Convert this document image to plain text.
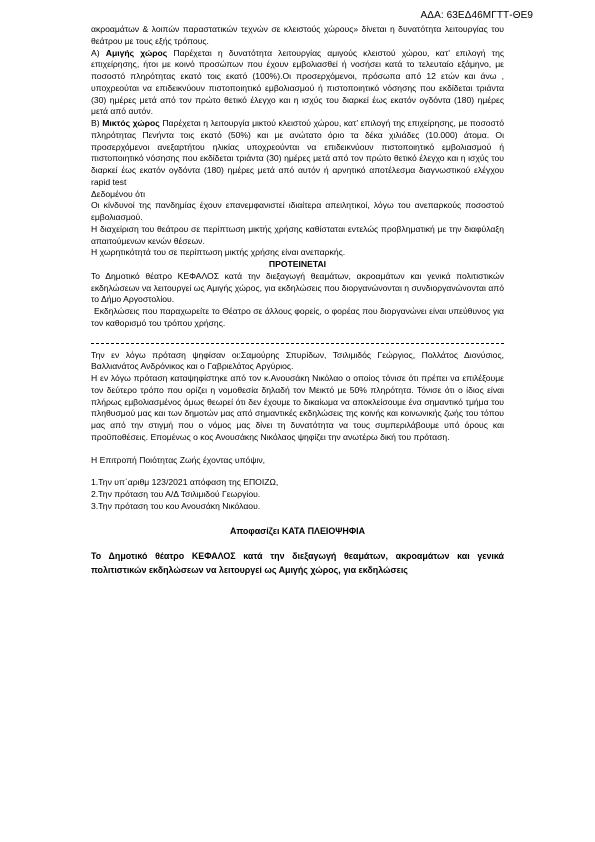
ΑΔΑ: 63ΕΔ46ΜΓΤΤ-ΘΕ9

ακροαμάτων & λοιπών παραστατικών τεχνών σε κλειστούς χώρους» δίνεται η δυνατότητα λειτουργίας του θεάτρου με τους εξής τρόπους.

Α) Αμιγής χώρος Παρέχεται η δυνατότητα λειτουργίας αμιγούς κλειστού χώρου, κατ’ επιλογή της επιχείρησης, ήτοι με κοινό προσώπων που έχουν εμβολιασθεί ή νοσήσει κατά το τελευταίο εξάμηνο, με ποσοστό πληρότητας εκατό τοις εκατό (100%).Οι προσερχόμενοι, πρόσωπα από 12 ετών και άνω , υποχρεούται να επιδεικνύουν πιστοποιητικό εμβολιασμού ή πιστοποιητικό νόσησης που εκδίδεται τριάντα (30) ημέρες μετά από τον πρώτο θετικό έλεγχο και η ισχύς του διαρκεί έως εκατόν ογδόντα (180) ημέρες μετά από αυτόν.

Β) Μικτός χώρος Παρέχεται η λειτουργία μικτού κλειστού χώρου, κατ’ επιλογή της επιχείρησης, με ποσοστό πληρότητας Πενήντα τοις εκατό (50%) και με ανώτατο όριο τα δέκα χιλιάδες (10.000) άτομα. Οι προσερχόμενοι ανεξαρτήτου ηλικίας υποχρεούνται να επιδεικνύουν πιστοποιητικό εμβολιασμού ή πιστοποιητικό νόσησης που εκδίδεται τριάντα (30) ημέρες μετά από τον πρώτο θετικό έλεγχο και η ισχύς του διαρκεί έως εκατόν ογδόντα (180) ημέρες μετά από αυτόν ή αρνητικό αποτέλεσμα διαγνωστικού ελέγχου rapid test

Δεδομένου ότι

Οι κίνδυνοί της πανδημίας έχουν επανεμφανιστεί ιδιαίτερα απειλητικοί, λόγω του ανεπαρκούς ποσοστού εμβολιασμού.

Η διαχείριση του θεάτρου σε περίπτωση μικτής χρήσης καθίσταται εντελώς προβληματική με την διαφύλαξη απαιτούμενων κενών θέσεων.

Η χωρητικότητά του σε περίπτωση μικτής χρήσης είναι ανεπαρκής.

ΠΡΟΤΕΙΝΕΤΑΙ

Το Δημοτικό θέατρο ΚΕΦΑΛΟΣ κατά την διεξαγωγή θεαμάτων, ακροαμάτων και γενικά πολιτιστικών εκδηλώσεων να λειτουργεί ως Αμιγής χώρος, για εκδηλώσεις που διοργανώνονται η συνδιοργανώνονται από το Δήμο Αργοστολίου.

Εκδηλώσεις που παραχωρείτε το Θέατρο σε άλλους φορείς, ο φορέας που διοργανώνει είναι υπεύθυνος για τον καθορισμό του τρόπου χρήσης.

Την εν λόγω πρόταση ψηφίσαν οι:Σαμούρης Σπυρίδων, Τσιλιμιδός Γεώργιος, Πολλάτος Διονύσιος, Βαλλιανάτος Ανδρόνικος και ο Γαβριελάτος Αργύριος.

Η εν λόγω πρόταση καταψηφίστηκε από τον κ.Ανουσάκη Νικόλαο ο οποίος τόνισε ότι πρέπει να επιλέξουμε τον δεύτερο τρόπο που ορίζει η νομοθεσία δηλαδή τον Μεικτό με 50% πληρότητα. Τόνισε ότι ο ίδιος είναι πλήρως εμβολιασμένος όμως θεωρεί ότι δεν έχουμε το δικαίωμα να αποκλείσουμε ένα σημαντικό τμήμα του πληθυσμού μας και των δημοτών μας από σημαντικές εκδηλώσεις της κοινής και κοινωνικής ζωής του τόπου μας από την στιγμή που ο νόμος μας δίνει τη δυνατότητα να τους συμπεριλάβουμε υπό όρους και προϋποθέσεις. Επομένως ο κος Ανουσάκης Νικόλαος ψηφίζει την ανωτέρω δική του πρόταση.

Η Επιτροπή Ποιότητας Ζωής έχοντας υπόψιν,

1.Την υπ΄αριθμ 123/2021 απόφαση της ΕΠΟΙΖΩ,

2.Την πρόταση του Α/Δ Τσιλιμιδού Γεωργίου.

3.Την πρόταση του κου Ανουσάκη Νικόλαου.

Αποφασίζει ΚΑΤΑ ΠΛΕΙΟΨΗΦΙΑ

Το Δημοτικό θέατρο ΚΕΦΑΛΟΣ κατά την διεξαγωγή θεαμάτων, ακροαμάτων και γενικά πολιτιστικών εκδηλώσεων να λειτουργεί ως Αμιγής χώρος, για εκδηλώσεις
